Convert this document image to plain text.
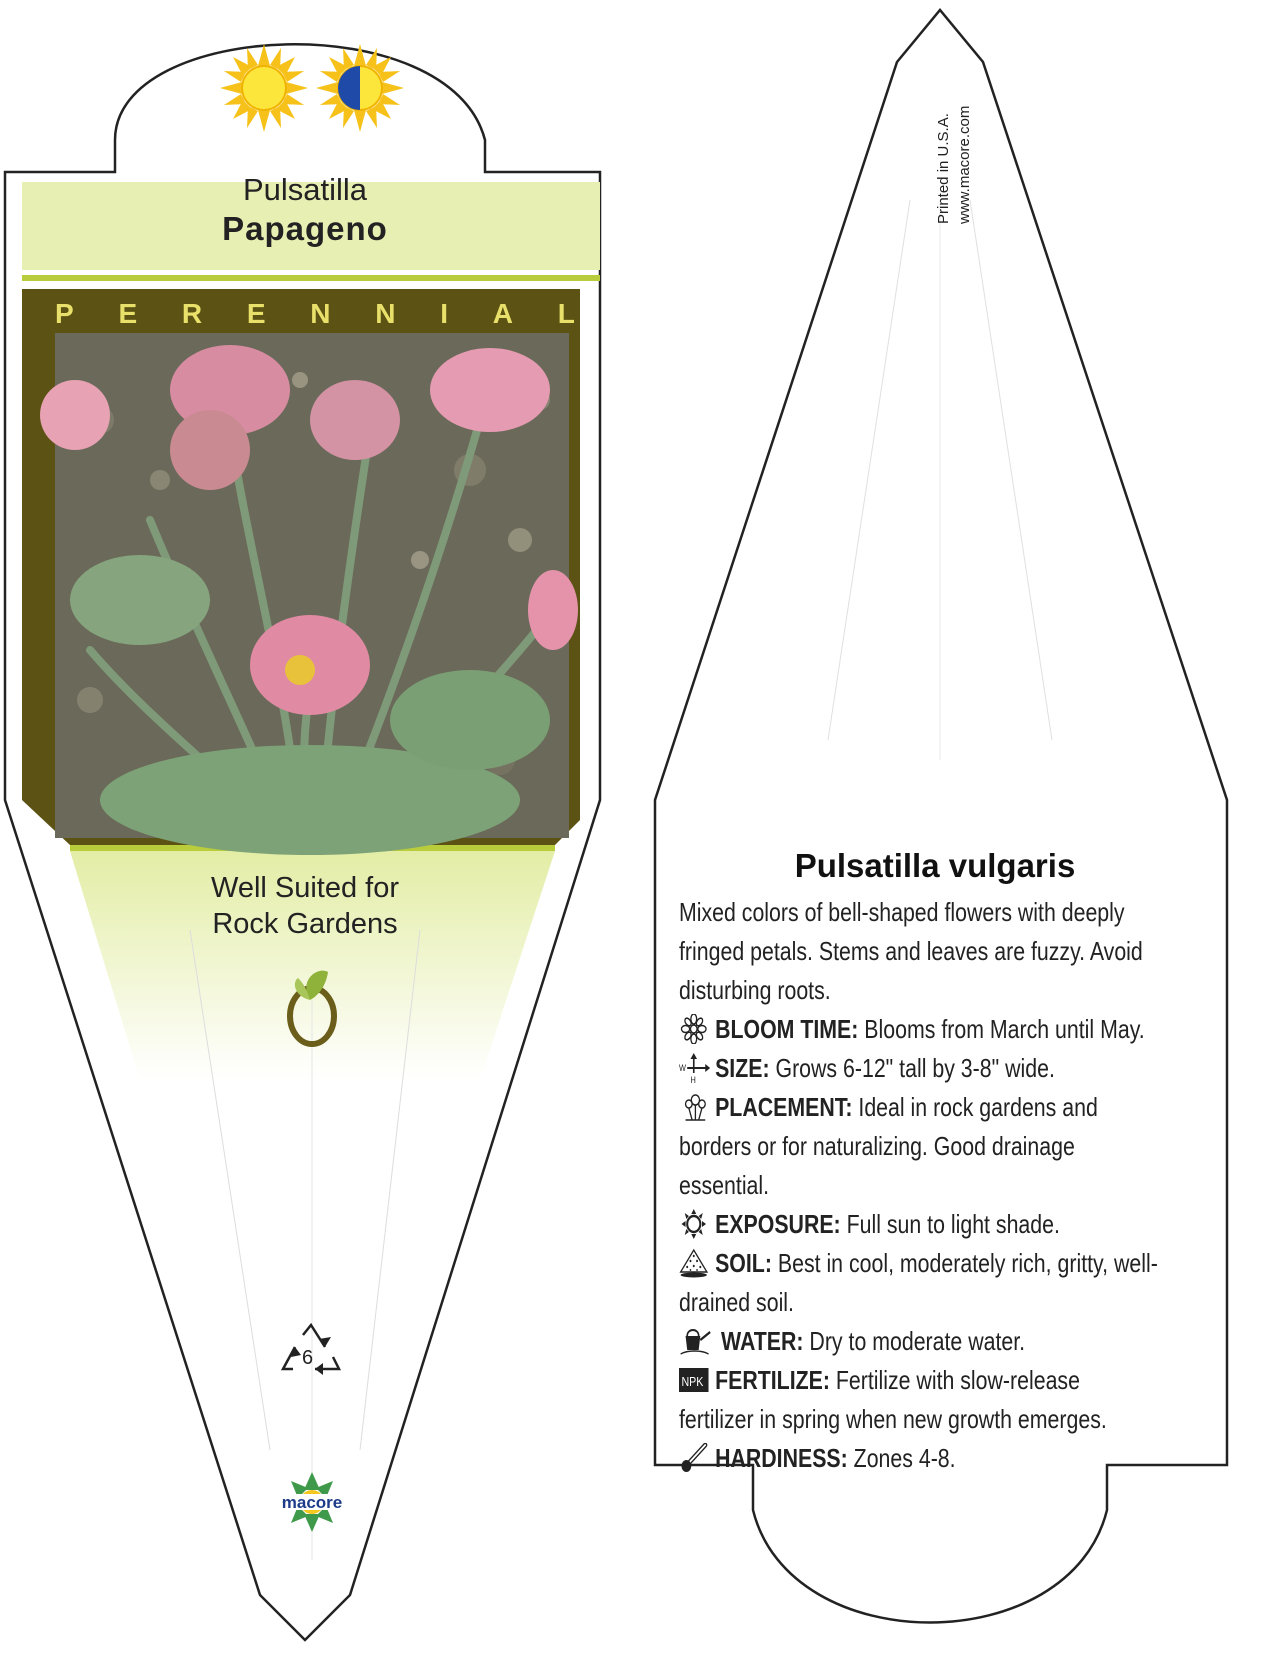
Pulsatilla
Papageno
P E R E N N I A L
Well Suited for
Rock Gardens
6
macore
Printed in U.S.A. www.macore.com
Pulsatilla vulgaris

Mixed colors of bell-shaped flowers with deeply fringed petals. Stems and leaves are fuzzy. Avoid disturbing roots.

BLOOM TIME: Blooms from March until May.

W
H SIZE: Grows 6-12" tall by 3-8" wide.

PLACEMENT: Ideal in rock gardens and borders or for naturalizing. Good drainage essential.

EXPOSURE: Full sun to light shade.

SOIL: Best in cool, moderately rich, gritty, well-drained soil.

WATER: Dry to moderate water.

NPK FERTILIZE: Fertilize with slow-release fertilizer in spring when new growth emerges.

HARDINESS: Zones 4-8.
